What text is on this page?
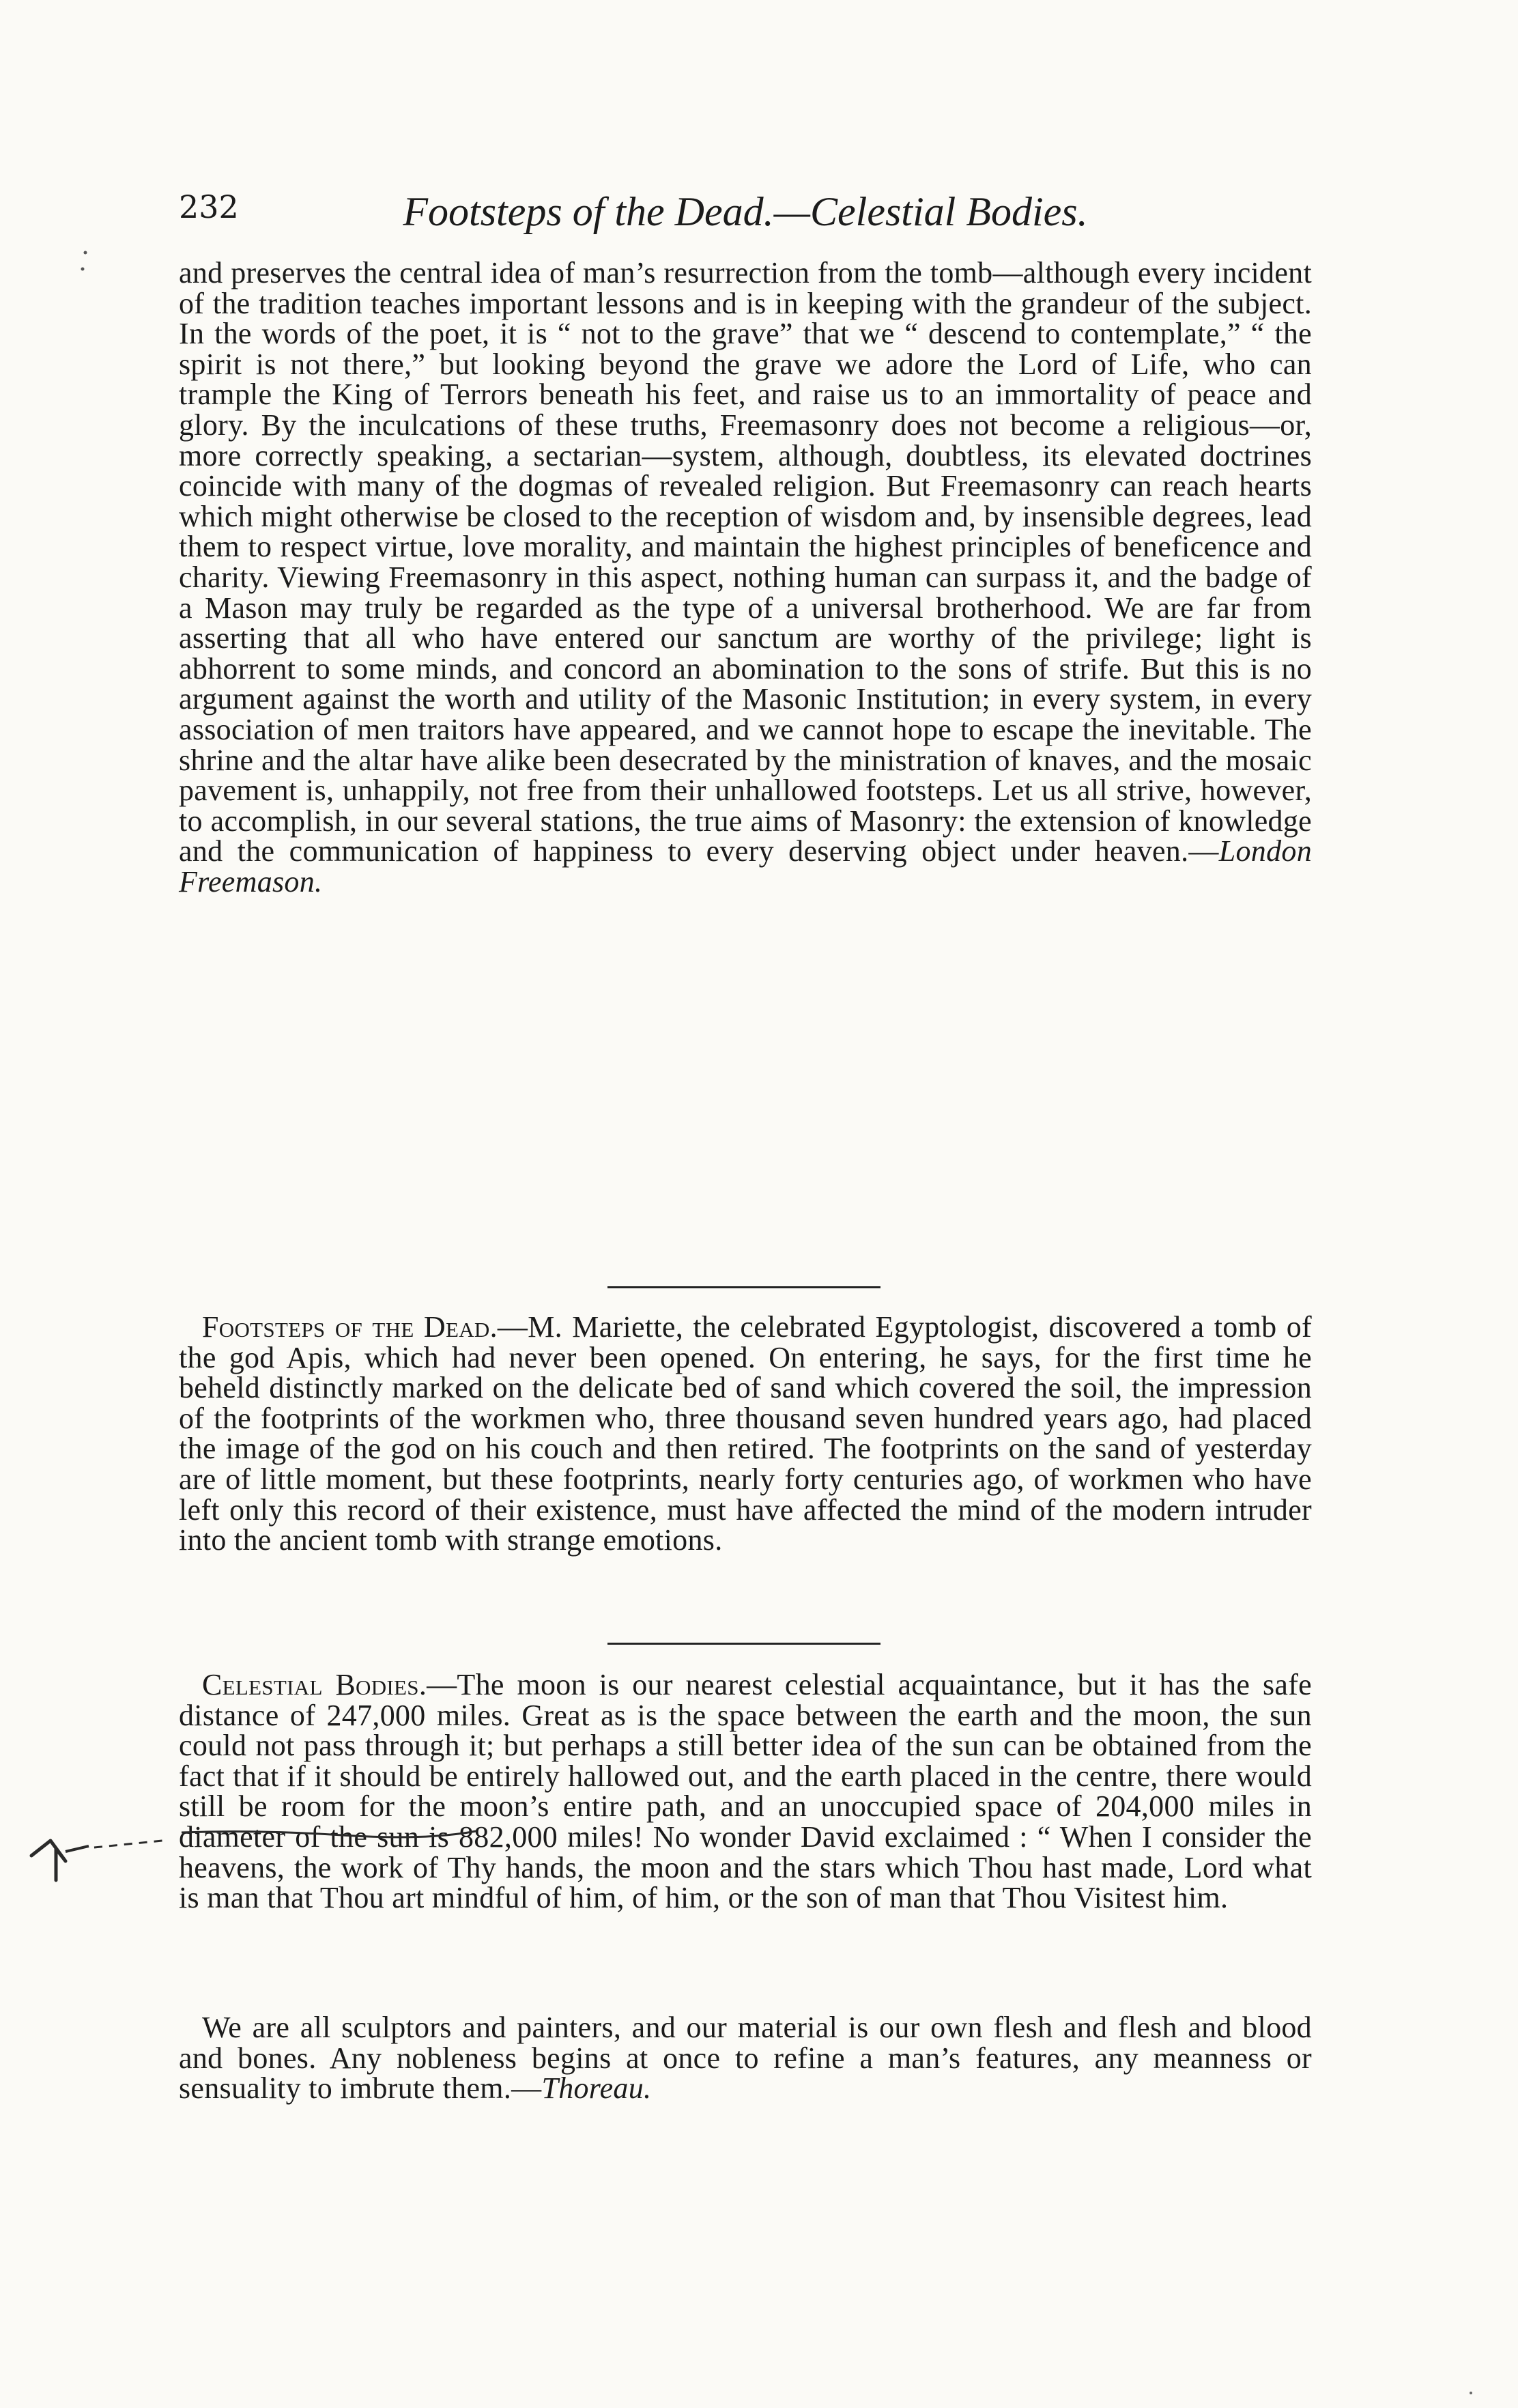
232	Footsteps of the Dead.—Celestial Bodies.

and preserves the central idea of man’s resurrection from the tomb—although every incident of the tradition teaches important lessons and is in keeping with the grandeur of the subject. In the words of the poet, it is “ not to the grave” that we “ descend to contemplate,” “ the spirit is not there,” but looking beyond the grave we adore the Lord of Life, who can trample the King of Terrors beneath his feet, and raise us to an immortality of peace and glory. By the inculcations of these truths, Freemasonry does not become a religious—or, more correctly speaking, a sectarian—system, although, doubtless, its elevated doctrines coincide with many of the dogmas of revealed religion. But Freemasonry can reach hearts which might otherwise be closed to the reception of wisdom and, by insensible degrees, lead them to respect virtue, love morality, and maintain the highest principles of beneficence and charity. Viewing Freemasonry in this aspect, nothing human can surpass it, and the badge of a Mason may truly be regarded as the type of a universal brotherhood. We are far from asserting that all who have entered our sanctum are worthy of the privilege; light is abhorrent to some minds, and concord an abomination to the sons of strife. But this is no argument against the worth and utility of the Masonic Institution; in every system, in every association of men traitors have appeared, and we cannot hope to escape the inevitable. The shrine and the altar have alike been desecrated by the ministration of knaves, and the mosaic pavement is, unhappily, not free from their unhallowed footsteps. Let us all strive, however, to accomplish, in our several stations, the true aims of Masonry: the extension of knowledge and the communication of happiness to every deserving object under heaven.—London Freemason.

Footsteps of the Dead.—M. Mariette, the celebrated Egyptologist, discovered a tomb of the god Apis, which had never been opened. On entering, he says, for the first time he beheld distinctly marked on the delicate bed of sand which covered the soil, the impression of the footprints of the workmen who, three thousand seven hundred years ago, had placed the image of the god on his couch and then retired. The footprints on the sand of yesterday are of little moment, but these footprints, nearly forty centuries ago, of workmen who have left only this record of their existence, must have affected the mind of the modern intruder into the ancient tomb with strange emotions.

Celestial Bodies.—The moon is our nearest celestial acquaintance, but it has the safe distance of 247,000 miles. Great as is the space between the earth and the moon, the sun could not pass through it; but perhaps a still better idea of the sun can be obtained from the fact that if it should be entirely hallowed out, and the earth placed in the centre, there would still be room for the moon’s entire path, and an unoccupied space of 204,000 miles in diameter of the sun is 882,000 miles! No wonder David exclaimed : “ When I consider the heavens, the work of Thy hands, the moon and the stars which Thou hast made, Lord what is man that Thou art mindful of him, of him, or the son of man that Thou Visitest him.

We are all sculptors and painters, and our material is our own flesh and flesh and blood and bones. Any nobleness begins at once to refine a man’s features, any meanness or sensuality to imbrute them.—Thoreau.
